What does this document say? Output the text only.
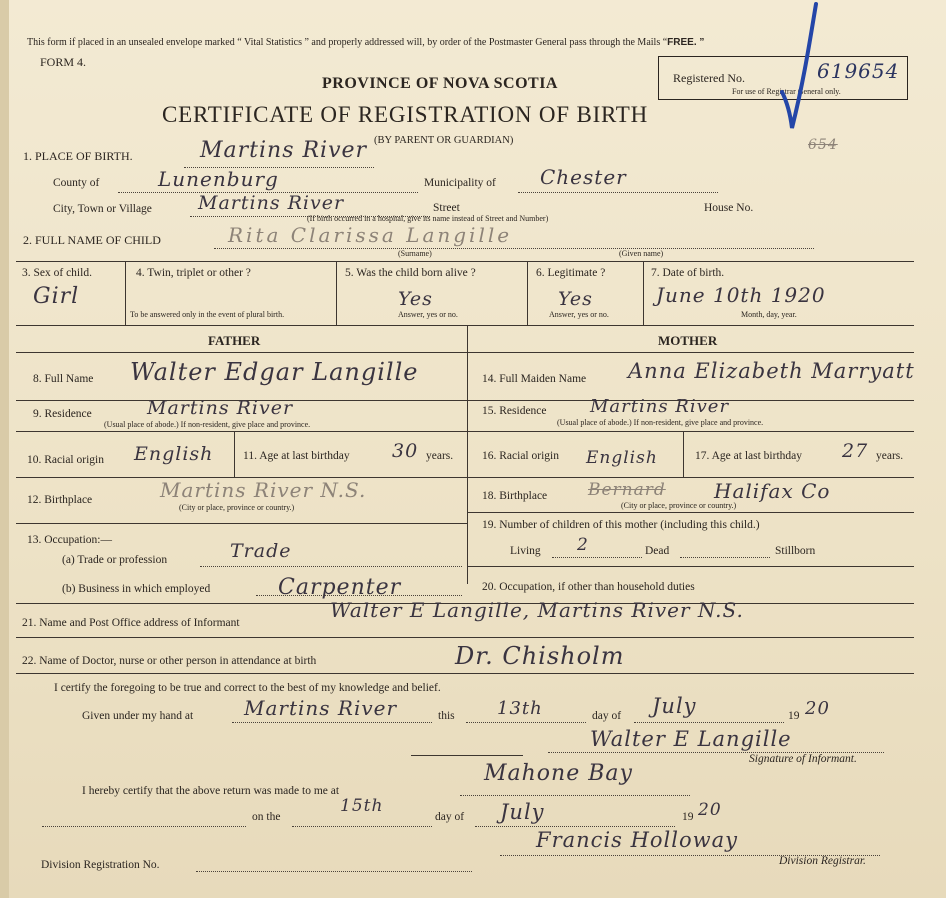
This form if placed in an unsealed envelope marked “ Vital Statistics ” and properly addressed will, by order of the Postmaster General pass through the Mails “FREE. ”
FORM 4.
PROVINCE OF NOVA SCOTIA
CERTIFICATE OF REGISTRATION OF BIRTH
(BY PARENT OR GUARDIAN)
Registered No.	619654
For use of Registrar General only.
654
1. PLACE OF BIRTH.	Martins River
County of	Lunenburg	Municipality of Chester
City, Town or Village Martins River	Street	House No.
(If birth occurred in a hospital, give its name instead of Street and Number)
2. FULL NAME OF CHILD	Rita Clarissa Langille
(Surname)	(Given name)
3. Sex of child.
Girl
4. Twin, triplet or other ?
To be answered only in the event of plural birth.
5. Was the child born alive ?
Yes
Answer, yes or no.
6. Legitimate ?
Yes
Answer, yes or no.
7. Date of birth.
June 10th 1920
Month, day, year.
FATHER	MOTHER
8. Full Name Walter Edgar Langille
9. Residence	Martins River
(Usual place of abode.) If non-resident, give place and province.
10. Racial origin English	11. Age at last birthday 30 years.
12. Birthplace	Martins River N.S.
(City or place, province or country.)
13. Occupation:—
(a) Trade or profession	Trade
(b) Business in which employed	Carpenter
14. Full Maiden Name Anna Elizabeth Marryatt
15. Residence Martins River
(Usual place of abode.) If non-resident, give place and province.
16. Racial origin English	17. Age at last birthday 27 years.
18. Birthplace Bernard Halifax Co
(City or place, province or country.)
19. Number of children of this mother (including this child.)
Living 2	Dead	Stillborn
20. Occupation, if other than household duties
21. Name and Post Office address of Informant
Walter E Langille, Martins River N.S.
22. Name of Doctor, nurse or other person in attendance at birth	Dr. Chisholm
I certify the foregoing to be true and correct to the best of my knowledge and belief.
Given under my hand at	Martins River	this 13th	day of July	19 20
Walter E Langille
Signature of Informant.
I hereby certify that the above return was made to me at
Mahone Bay
on the
15th
day of July	19 20
Francis Holloway
Division Registration No.	Division Registrar.
